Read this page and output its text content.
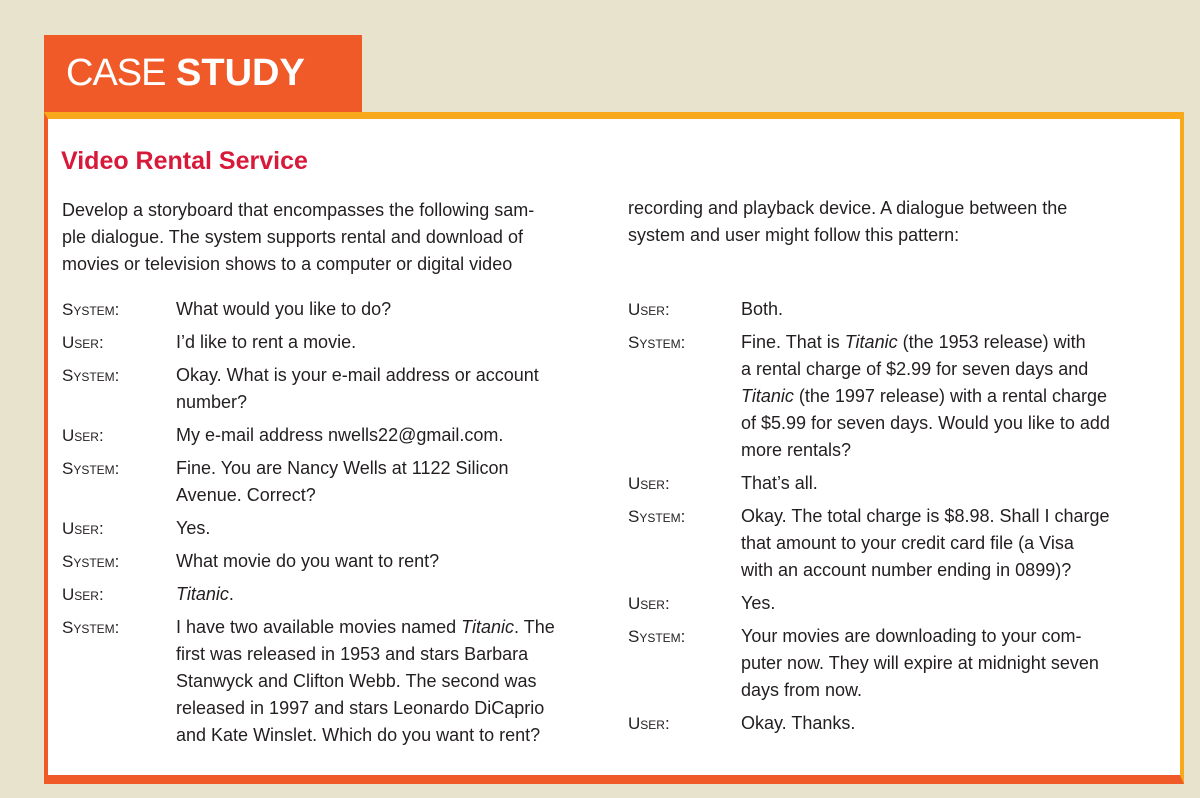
CASE STUDY
Video Rental Service
Develop a storyboard that encompasses the following sam-
ple dialogue. The system supports rental and download of
movies or television shows to a computer or digital video
recording and playback device. A dialogue between the
system and user might follow this pattern:
System:	What would you like to do?
User:	I’d like to rent a movie.
System:	Okay. What is your e-mail address or account
number?
User:	My e-mail address nwells22@gmail.com.
System:	Fine. You are Nancy Wells at 1122 Silicon
Avenue. Correct?
User:	Yes.
System:	What movie do you want to rent?
User:	Titanic.
System:	I have two available movies named Titanic. The
first was released in 1953 and stars Barbara
Stanwyck and Clifton Webb. The second was
released in 1997 and stars Leonardo DiCaprio
and Kate Winslet. Which do you want to rent?
User:	Both.
System:	Fine. That is Titanic (the 1953 release) with
a rental charge of $2.99 for seven days and
Titanic (the 1997 release) with a rental charge
of $5.99 for seven days. Would you like to add
more rentals?
User:	That’s all.
System:	Okay. The total charge is $8.98. Shall I charge
that amount to your credit card file (a Visa
with an account number ending in 0899)?
User:	Yes.
System:	Your movies are downloading to your com-
puter now. They will expire at midnight seven
days from now.
User:	Okay. Thanks.
